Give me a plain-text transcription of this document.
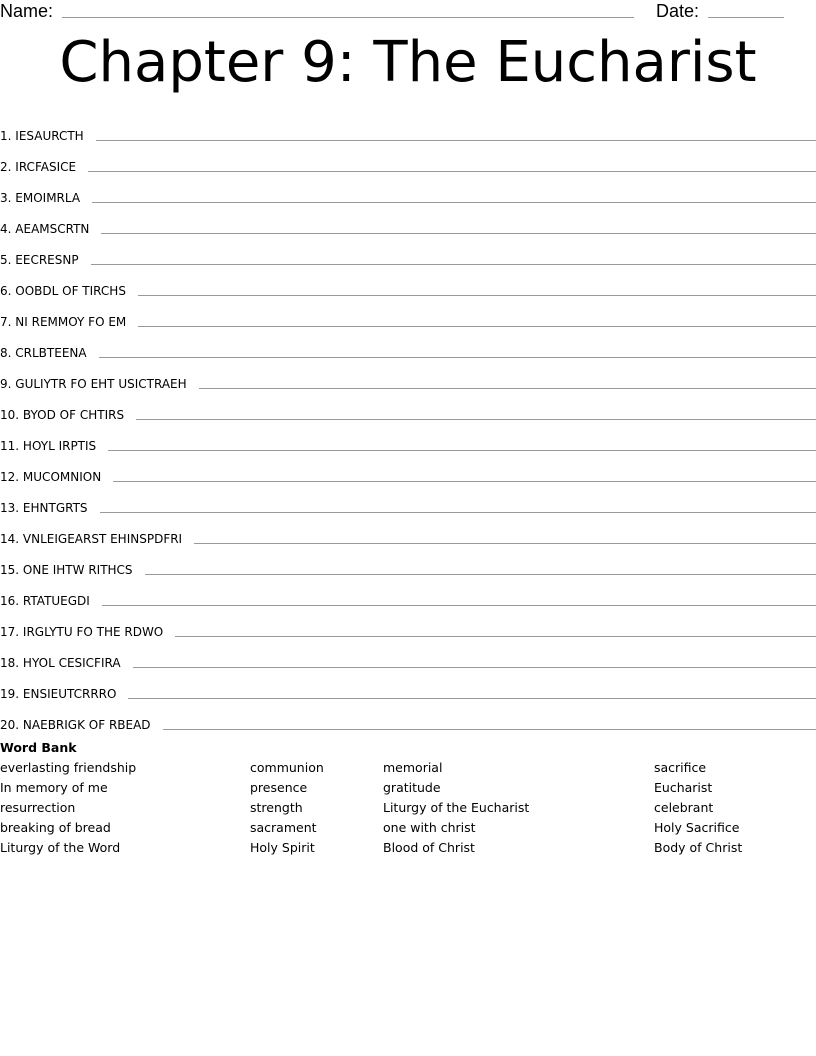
Name:	Date:
Chapter 9: The Eucharist
1.
IESAURCTH
2.
IRCFASICE
3.
EMOIMRLA
4.
AEAMSCRTN
5.
EECRESNP
6.
OOBDL OF TIRCHS
7.
NI REMMOY FO EM
8.
CRLBTEENA
9.
GULIYTR FO EHT USICTRAEH
10.
BYOD OF CHTIRS
11.
HOYL IRPTIS
12.
MUCOMNION
13.
EHNTGRTS
14.
VNLEIGEARST EHINSPDFRI
15.
ONE IHTW RITHCS
16.
RTATUEGDI
17.
IRGLYTU FO THE RDWO
18.
HYOL CESICFIRA
19.
ENSIEUTCRRRO
20.
NAEBRIGK OF RBEAD
Word Bank
everlasting friendship
In memory of me
resurrection
breaking of bread
Liturgy of the Word
communion
presence
strength
sacrament
Holy Spirit
memorial
gratitude
Liturgy of the Eucharist
one with christ
Blood of Christ
sacrifice
Eucharist
celebrant
Holy Sacrifice
Body of Christ
